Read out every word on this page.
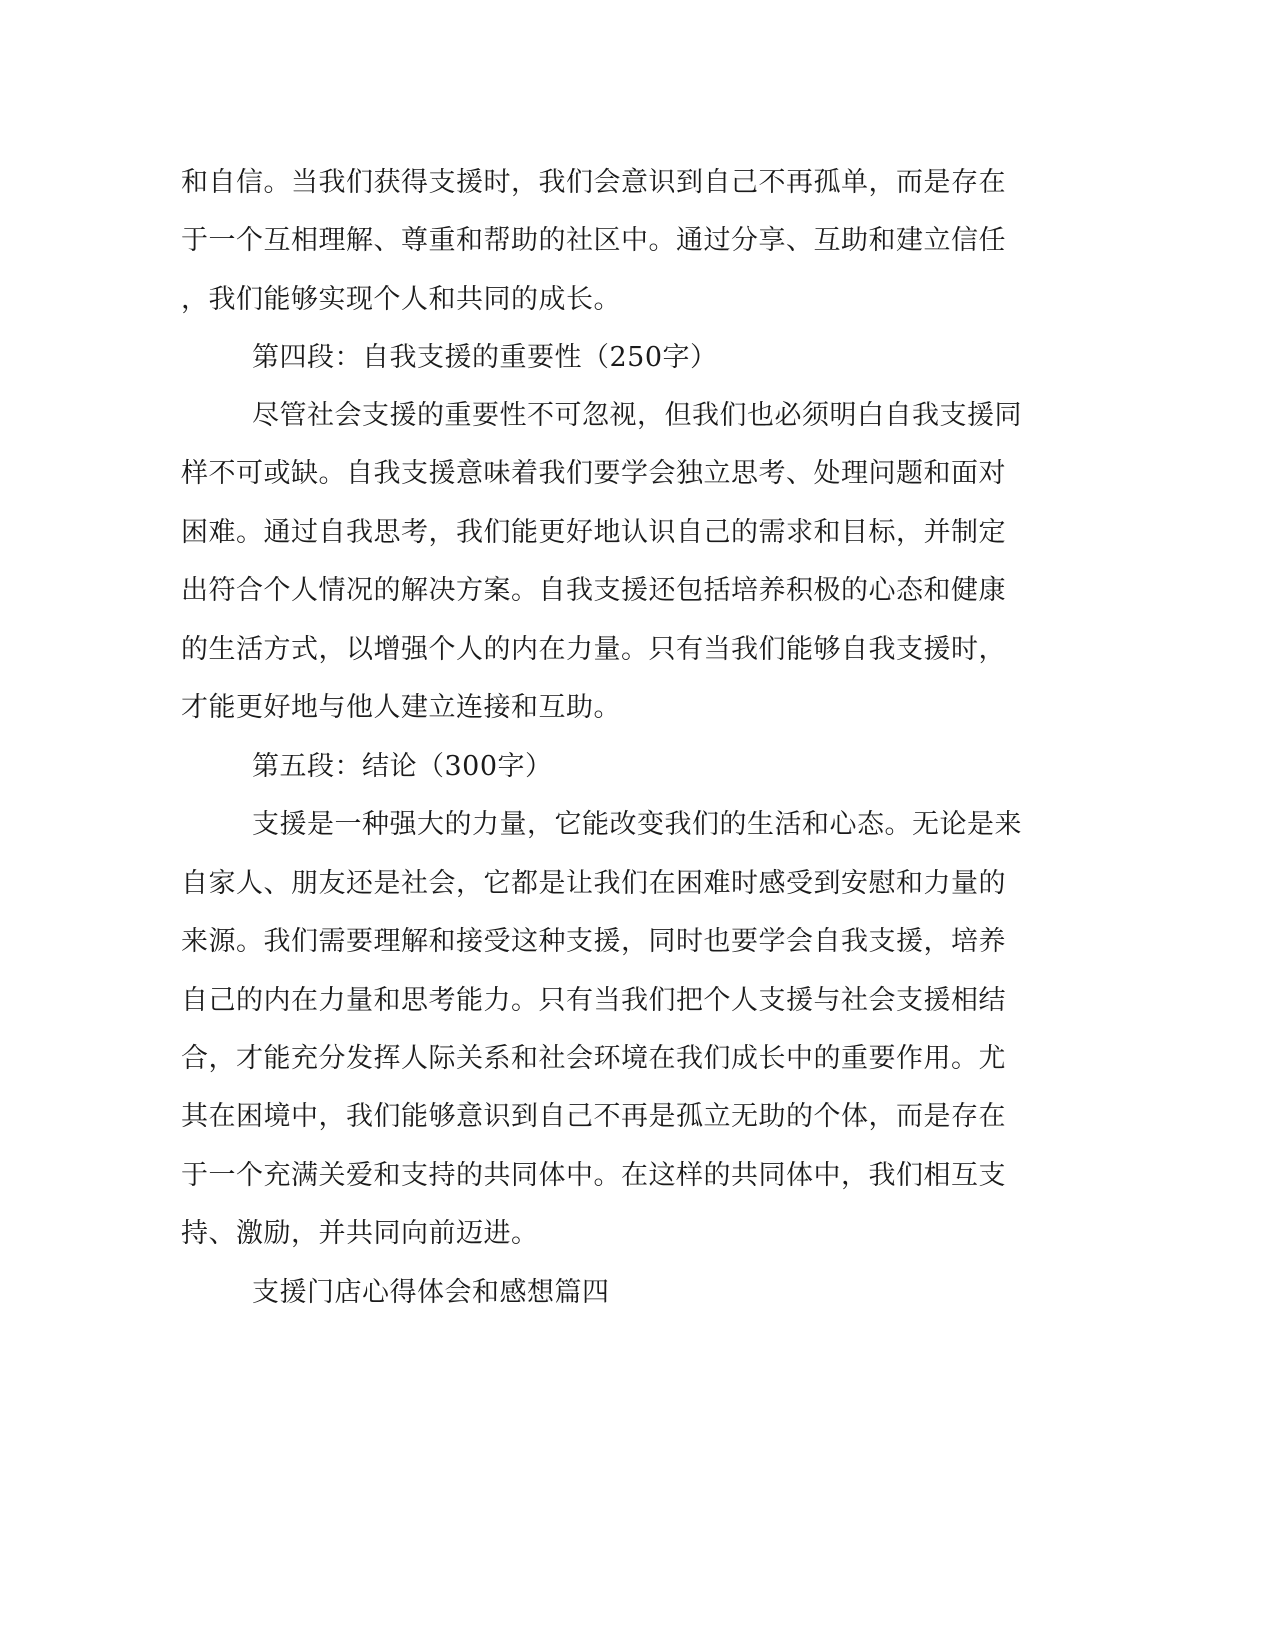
和自信。当我们获得支援时，我们会意识到自己不再孤单，而是存在
于一个互相理解、尊重和帮助的社区中。通过分享、互助和建立信任
，我们能够实现个人和共同的成长。
第四段：自我支援的重要性（250字）
尽管社会支援的重要性不可忽视，但我们也必须明白自我支援同
样不可或缺。自我支援意味着我们要学会独立思考、处理问题和面对
困难。通过自我思考，我们能更好地认识自己的需求和目标，并制定
出符合个人情况的解决方案。自我支援还包括培养积极的心态和健康
的生活方式，以增强个人的内在力量。只有当我们能够自我支援时，
才能更好地与他人建立连接和互助。
第五段：结论（300字）
支援是一种强大的力量，它能改变我们的生活和心态。无论是来
自家人、朋友还是社会，它都是让我们在困难时感受到安慰和力量的
来源。我们需要理解和接受这种支援，同时也要学会自我支援，培养
自己的内在力量和思考能力。只有当我们把个人支援与社会支援相结
合，才能充分发挥人际关系和社会环境在我们成长中的重要作用。尤
其在困境中，我们能够意识到自己不再是孤立无助的个体，而是存在
于一个充满关爱和支持的共同体中。在这样的共同体中，我们相互支
持、激励，并共同向前迈进。
支援门店心得体会和感想篇四
